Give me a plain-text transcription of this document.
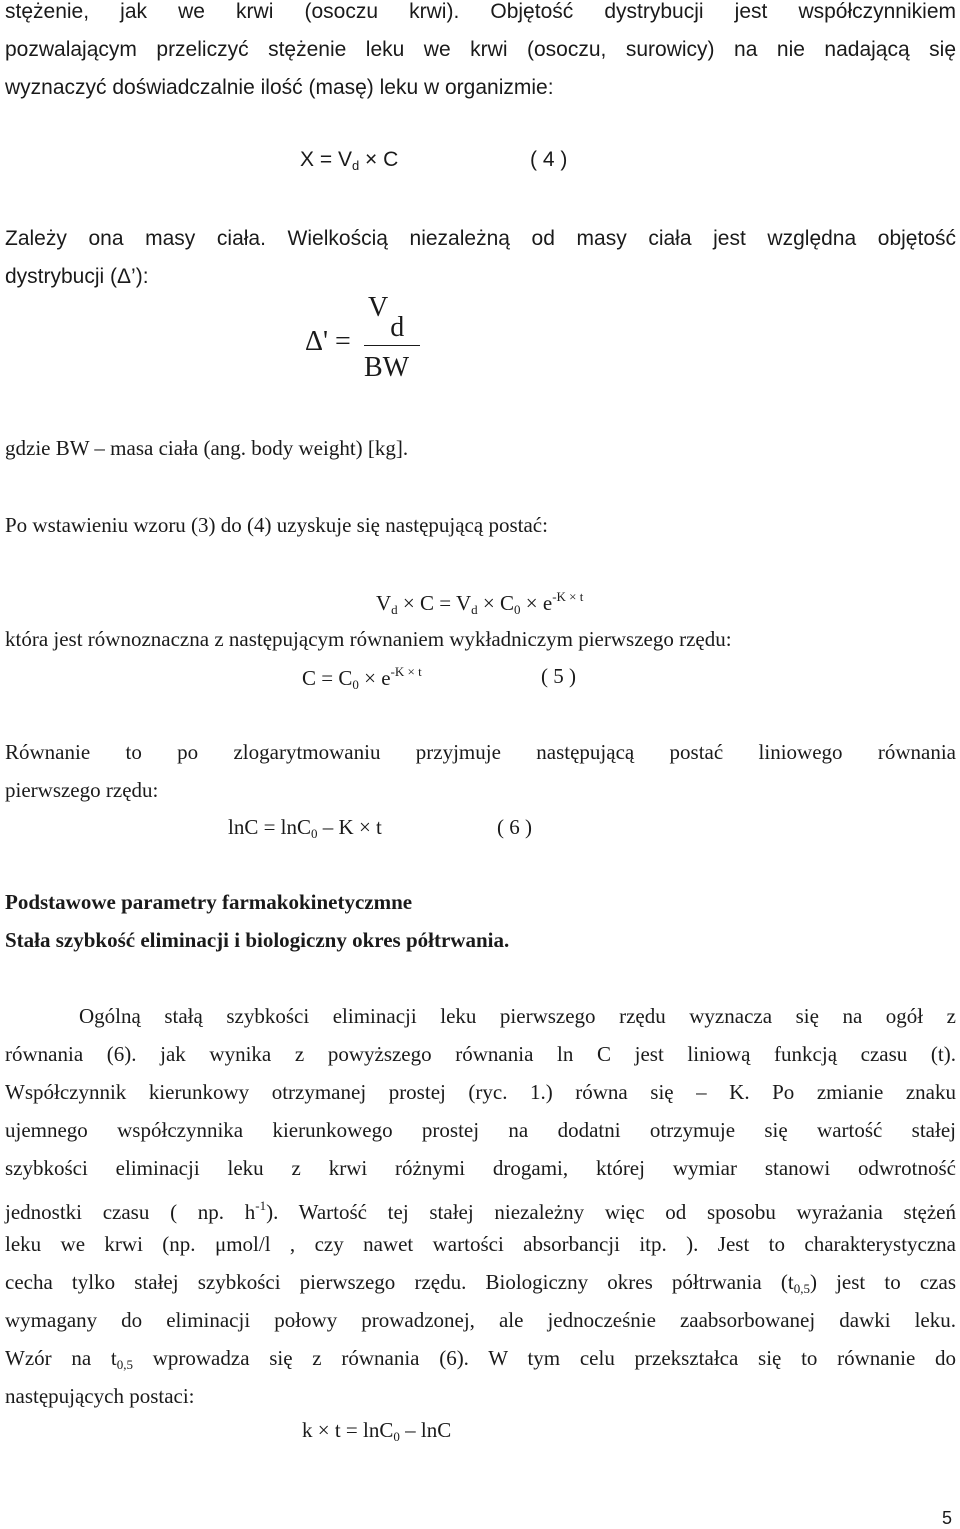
stężenie, jak we krwi (osoczu krwi). Objętość dystrybucji jest współczynnikiem
pozwalającym przeliczyć stężenie leku we krwi (osoczu, surowicy) na nie nadającą się
wyznaczyć doświadczalnie ilość (masę) leku w organizmie:
$X = V_d \times C$	( 4 )
Zależy ona masy ciała. Wielkością niezależną od masy ciała jest względna objętość
dystrybucji (Δ’):
Δ' =
Vd
BW
gdzie BW – masa ciała (ang. body weight) [kg].
Po wstawieniu wzoru (3) do (4) uzyskuje się następującą postać:
$V_d \times C = V_d \times C_0 \times e^{-K \times t}$
która jest równoznaczna z następującym równaniem wykładniczym pierwszego rzędu:
$C = C_0 \times e^{-K \times t}$	( 5 )
Równanie to po zlogarytmowaniu przyjmuje następującą postać liniowego równania
pierwszego rzędu:
lnC = lnC$_0$ – K × t	( 6 )
Podstawowe parametry farmakokinetyczmne
Stała szybkość eliminacji i biologiczny okres półtrwania.
Ogólną stałą szybkości eliminacji leku pierwszego rzędu wyznacza się na ogół z
równania (6). jak wynika z powyższego równania ln C jest liniową funkcją czasu (t).
Współczynnik kierunkowy otrzymanej prostej (ryc. 1.) równa się – K. Po zmianie znaku
ujemnego współczynnika kierunkowego prostej na dodatni otrzymuje się wartość stałej
szybkości eliminacji leku z krwi różnymi drogami, której wymiar stanowi odwrotność
jednostki czasu ( np. $h^{-1}$). Wartość tej stałej niezależny więc od sposobu wyrażania stężeń
leku we krwi (np. μmol/l , czy nawet wartości absorbancji itp. ). Jest to charakterystyczna
cecha tylko stałej szybkości pierwszego rzędu. Biologiczny okres półtrwania $(t_{0,5})$ jest to czas
wymagany do eliminacji połowy prowadzonej, ale jednocześnie zaabsorbowanej dawki leku.
Wzór na $t_{0,5}$ wprowadza się z równania (6). W tym celu przekształca się to równanie do
następujących postaci:
k × t = lnC$_0$ – lnC
5
